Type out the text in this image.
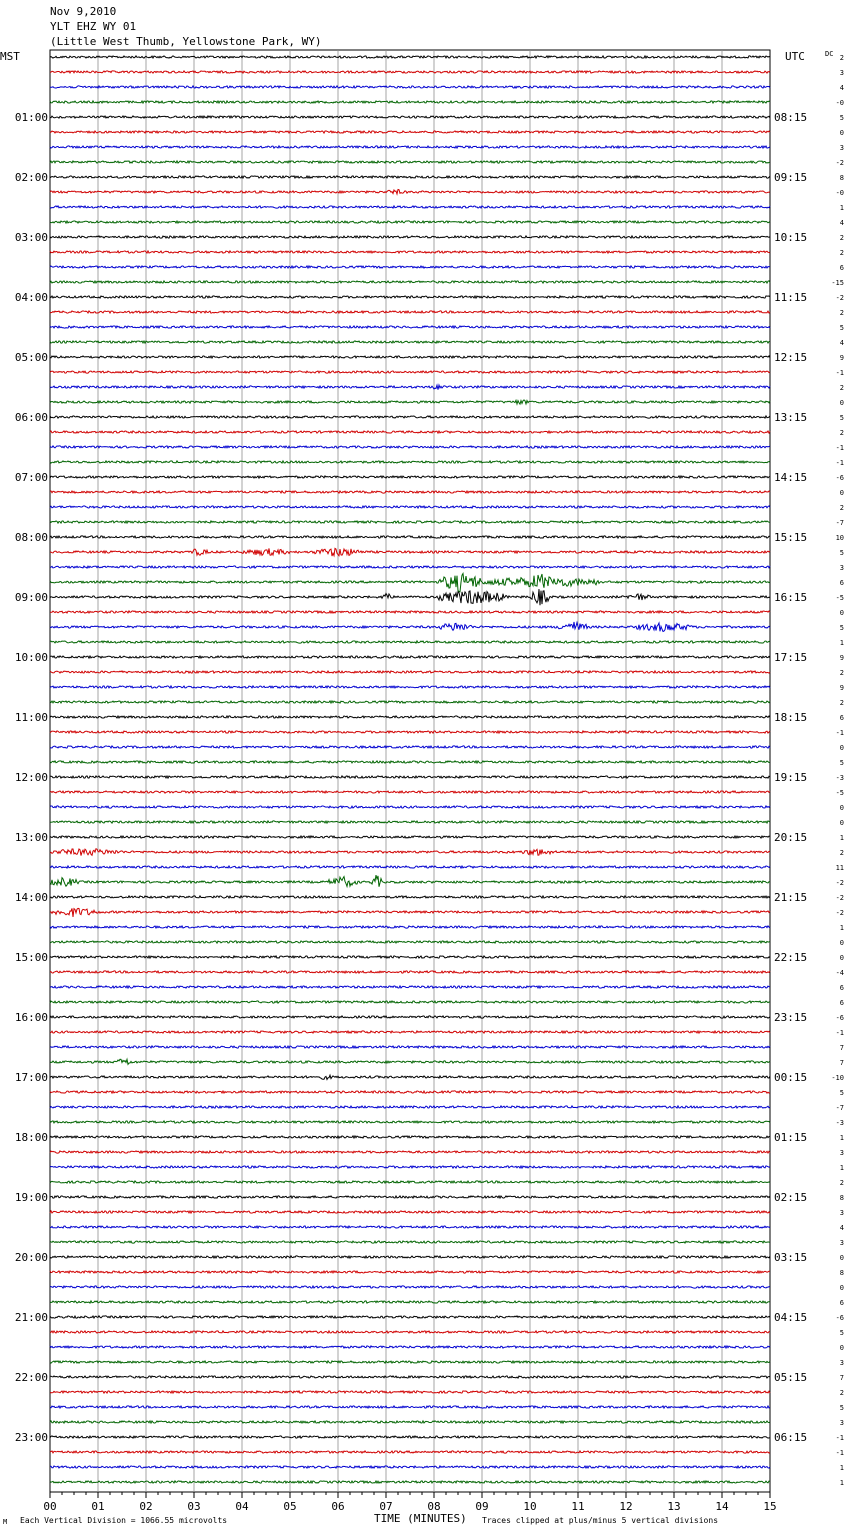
Nov 9,2010
YLT EHZ WY 01
(Little West Thumb, Yellowstone Park, WY)
MST	UTC	DC 2
3
4
-0
5
01:00	08:15
0
3
-2
8
02:00	09:15
-0
1
4
2
03:00	10:15
2
6
-15
-2
04:00	11:15
2
5
4
9
05:00	12:15
-1
2
0
5
06:00	13:15
2
-1
-1
-6
07:00	14:15
0
2
-7
10
08:00	15:15
5
3
6
-5
09:00	16:15
0
5
1
9
10:00	17:15
2
9
2
6
11:00	18:15
-1
0
5
-3
12:00	19:15
-5
0
0
1
13:00	20:15
2
11
-2
-2
14:00	21:15
-2
1
0
0
15:00	22:15
-4
6
6
-6
16:00	23:15
-1
7
7
-10
17:00	00:15
5
-7
-3
1
18:00	01:15
3
1
2
8
19:00	02:15
3
4
3
0
20:00	03:15
8
0
6
-6
21:00	04:15
5
0
3
7
22:00	05:15
2
5
3
-1
23:00	06:15
-1
1
1
00	01	02	03	04	05	06	07	08	09	10	11	12	13	14	15
M Each Vertical Division = 1066.55 microvolts	TIME (MINUTES) Traces clipped at plus/minus 5 vertical divisions
